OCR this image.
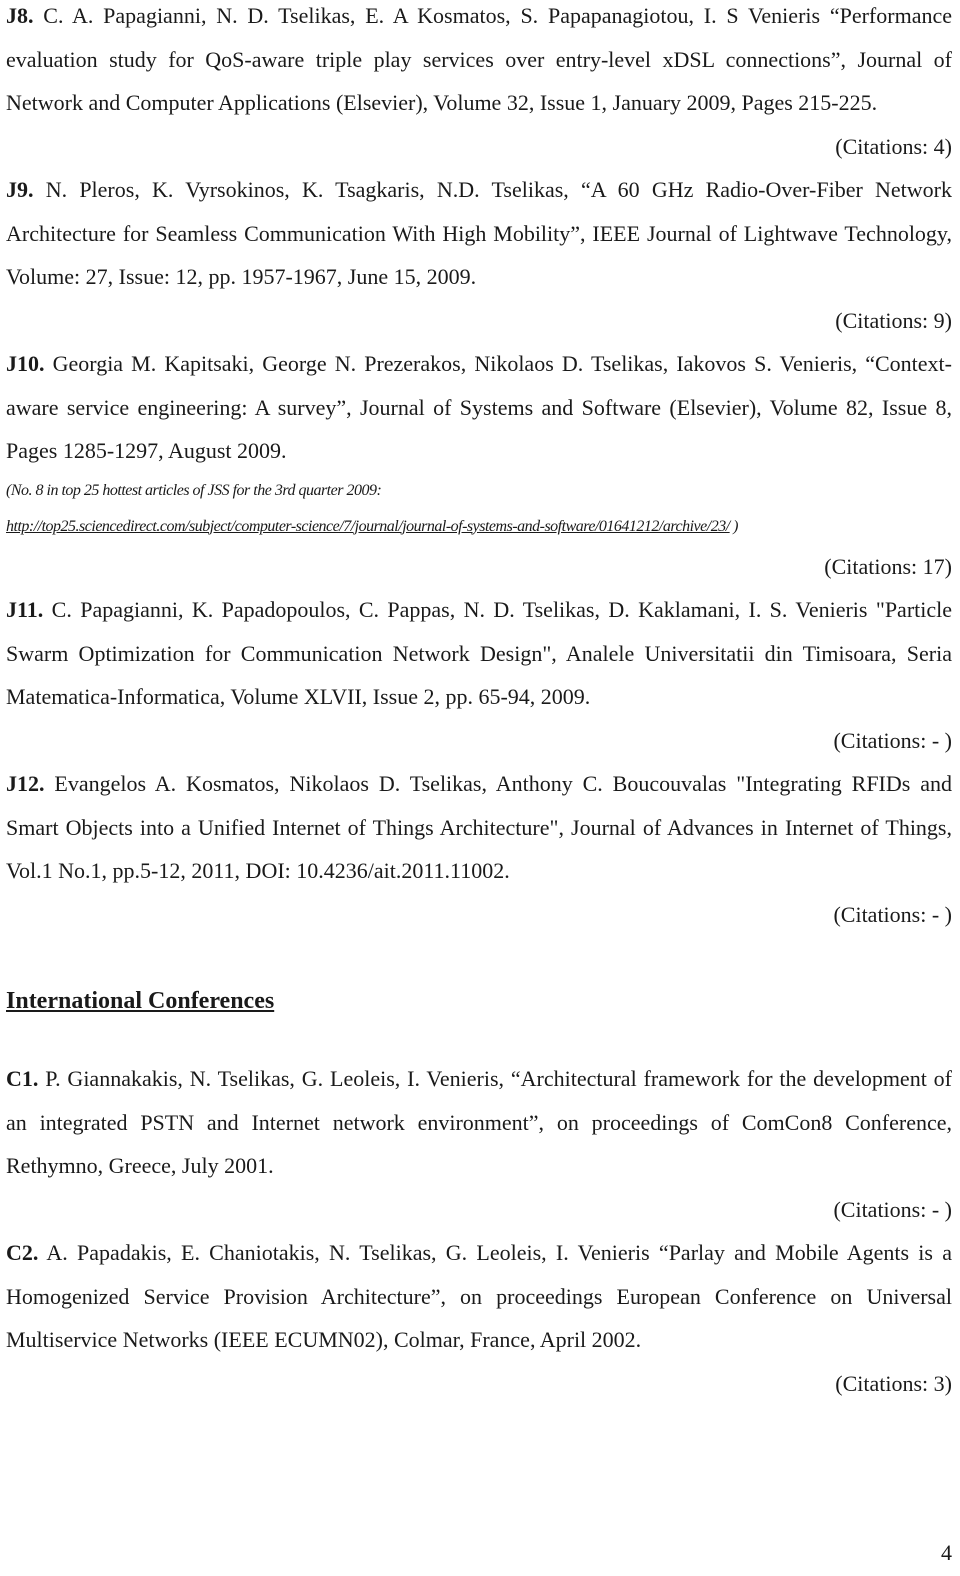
J8. C. A. Papagianni, N. D. Tselikas, E. A Kosmatos, S. Papapanagiotou, I. S Venieris “Performance evaluation study for QoS-aware triple play services over entry-level xDSL connections”, Journal of Network and Computer Applications (Elsevier), Volume 32, Issue 1, January 2009, Pages 215-225.
(Citations: 4)
J9. N. Pleros, K. Vyrsokinos, K. Tsagkaris, N.D. Tselikas, “A 60 GHz Radio-Over-Fiber Network Architecture for Seamless Communication With High Mobility”, IEEE Journal of Lightwave Technology, Volume: 27, Issue: 12, pp. 1957-1967, June 15, 2009.
(Citations: 9)
J10. Georgia M. Kapitsaki, George N. Prezerakos, Nikolaos D. Tselikas, Iakovos S. Venieris, “Context-aware service engineering: A survey”, Journal of Systems and Software (Elsevier), Volume 82, Issue 8, Pages 1285-1297, August 2009.
(No. 8 in top 25 hottest articles of JSS for the 3rd quarter 2009:
http://top25.sciencedirect.com/subject/computer-science/7/journal/journal-of-systems-and-software/01641212/archive/23/ )
(Citations: 17)
J11. C. Papagianni, K. Papadopoulos, C. Pappas, N. D. Tselikas, D. Kaklamani, I. S. Venieris "Particle Swarm Optimization for Communication Network Design", Analele Universitatii din Timisoara, Seria Matematica-Informatica, Volume XLVII, Issue 2, pp. 65-94, 2009.
(Citations: - )
J12. Evangelos A. Kosmatos, Nikolaos D. Tselikas, Anthony C. Boucouvalas "Integrating RFIDs and Smart Objects into a Unified Internet of Things Architecture", Journal of Advances in Internet of Things, Vol.1 No.1, pp.5-12, 2011, DOI: 10.4236/ait.2011.11002.
(Citations: - )
International Conferences
C1. P. Giannakakis, N. Tselikas, G. Leoleis, I. Venieris, “Architectural framework for the development of an integrated PSTN and Internet network environment”, on proceedings of ComCon8 Conference, Rethymno, Greece, July 2001.
(Citations: - )
C2. A. Papadakis, E. Chaniotakis, N. Tselikas, G. Leoleis, I. Venieris “Parlay and Mobile Agents is a Homogenized Service Provision Architecture”, on proceedings European Conference on Universal Multiservice Networks (IEEE ECUMN02), Colmar, France, April 2002.
(Citations: 3)
4
